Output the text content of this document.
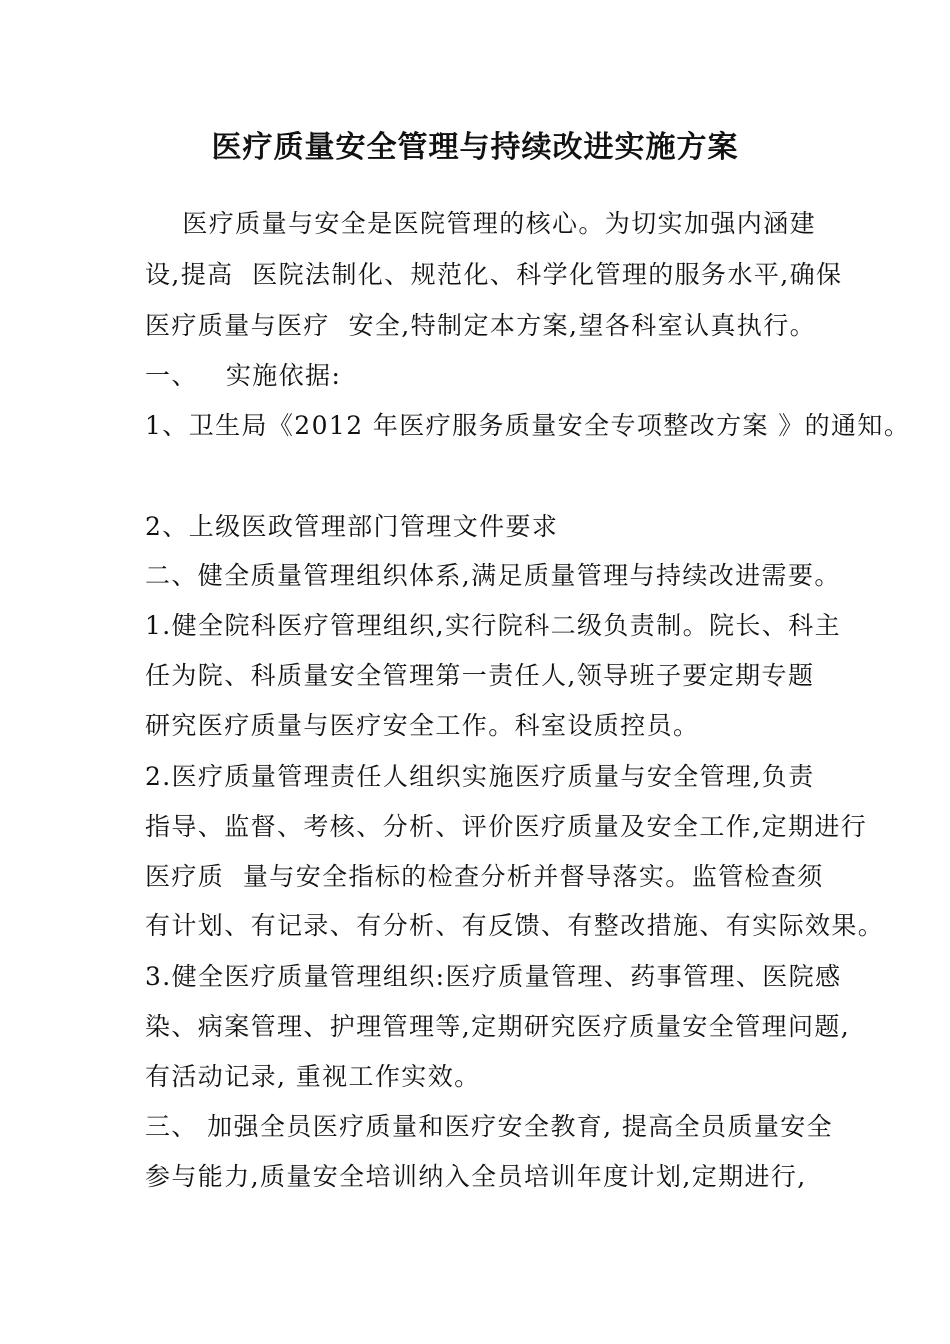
医疗质量安全管理与持续改进实施方案
医疗质量与安全是医院管理的核心。为切实加强内涵建
设,提高  医院法制化、规范化、科学化管理的服务水平,确保
医疗质量与医疗  安全,特制定本方案,望各科室认真执行。
一、   实施依据:
1、卫生局《2012 年医疗服务质量安全专项整改方案 》的通知。
2、上级医政管理部门管理文件要求
二、健全质量管理组织体系,满足质量管理与持续改进需要。
1.健全院科医疗管理组织,实行院科二级负责制。院长、科主
任为院、科质量安全管理第一责任人,领导班子要定期专题
研究医疗质量与医疗安全工作。科室设质控员。
2.医疗质量管理责任人组织实施医疗质量与安全管理,负责
指导、监督、考核、分析、评价医疗质量及安全工作,定期进行
医疗质  量与安全指标的检查分析并督导落实。监管检查须
有计划、有记录、有分析、有反馈、有整改措施、有实际效果。
3.健全医疗质量管理组织:医疗质量管理、药事管理、医院感
染、病案管理、护理管理等,定期研究医疗质量安全管理问题,
有活动记录, 重视工作实效。
三、 加强全员医疗质量和医疗安全教育, 提高全员质量安全
参与能力,质量安全培训纳入全员培训年度计划,定期进行,
